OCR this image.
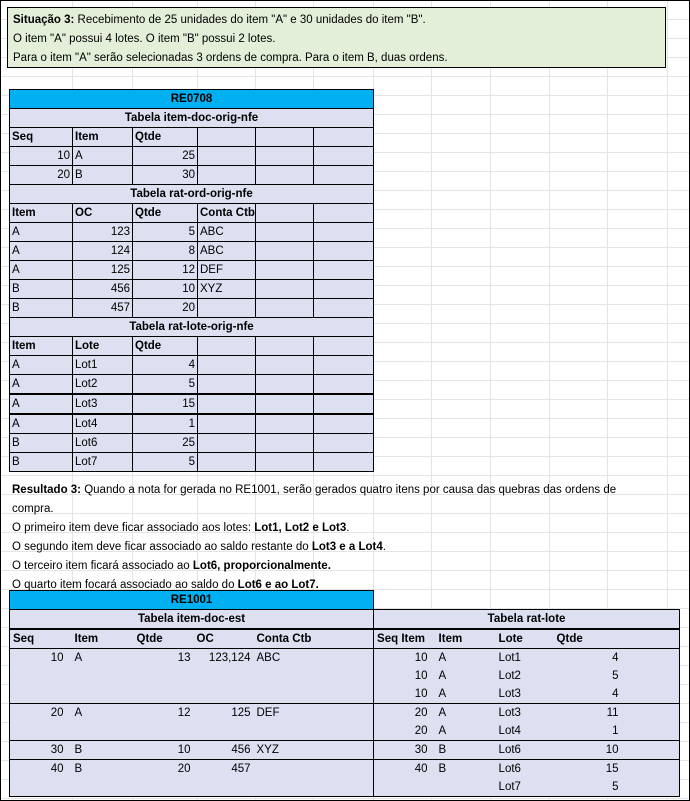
Situação 3: Recebimento de 25 unidades do item "A" e 30 unidades do item "B".
O item "A" possui 4 lotes. O item "B" possui 2 lotes.
Para o item "A" serão selecionadas 3 ordens de compra. Para o item B, duas ordens.
RE0708					
Tabela item-doc-orig-nfe					
Seq	Item	Qtde			
10	A	25			
20	B	30			
Tabela rat-ord-orig-nfe					
Item	OC	Qtde	Conta Ctb		
A	123	5	ABC		
A	124	8	ABC		
A	125	12	DEF		
B	456	10	XYZ		
B	457	20			
Tabela rat-lote-orig-nfe					
Item	Lote	Qtde			
A	Lot1	4			
A	Lot2	5			
A	Lot3	15			
A	Lot4	1			
B	Lot6	25			
B	Lot7	5			
Resultado 3: Quando a nota for gerada no RE1001, serão gerados quatro itens por causa das quebras das ordens de
compra.
O primeiro item deve ficar associado aos lotes: Lot1, Lot2 e Lot3.
O segundo item deve ficar associado ao saldo restante do Lot3 e a Lot4.
O terceiro item ficará associado ao Lot6, proporcionalmente.
O quarto item focará associado ao saldo do Lot6 e ao Lot7.
RE1001									
Tabela item-doc-est					Tabela rat-lote				
Seq	Item	Qtde	OC	Conta Ctb	Seq Item	Item	Lote	Qtde	
10	A	13	123,124	ABC	10	A	Lot1	4	
					10	A	Lot2	5	
					10	A	Lot3	4	
20	A	12	125	DEF	20	A	Lot3	11	
					20	A	Lot4	1	
30	B	10	456	XYZ	30	B	Lot6	10	
40	B	20	457		40	B	Lot6	15	
							Lot7	5	
